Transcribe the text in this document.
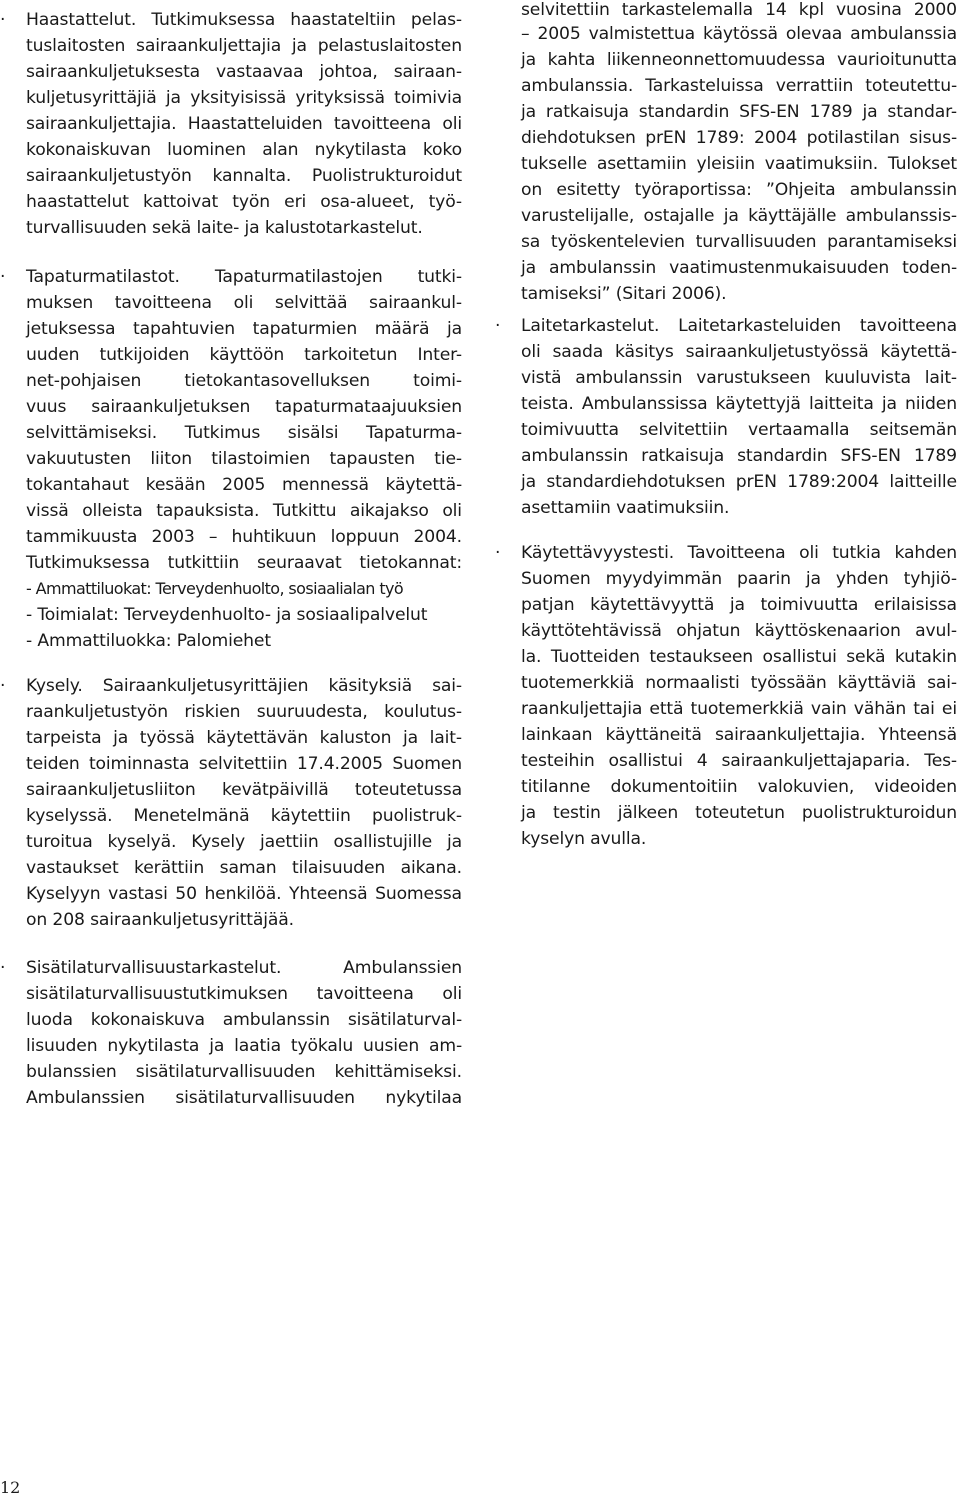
· Haastattelut. Tutkimuksessa haastateltiin pelas-
tuslaitosten sairaankuljettajia ja pelastuslaitosten
sairaankuljetuksesta vastaavaa johtoa, sairaan-
kuljetusyrittäjiä ja yksityisissä yrityksissä toimivia
sairaankuljettajia. Haastatteluiden tavoitteena oli
kokonaiskuvan luominen alan nykytilasta koko
sairaankuljetustyön kannalta. Puolistrukturoidut
haastattelut kattoivat työn eri osa-alueet, työ-
turvallisuuden sekä laite- ja kalustotarkastelut.
· Tapaturmatilastot. Tapaturmatilastojen tutki-
muksen tavoitteena oli selvittää sairaankul-
jetuksessa tapahtuvien tapaturmien määrä ja
uuden tutkijoiden käyttöön tarkoitetun Inter-
net-pohjaisen	tietokantasovelluksen	toimi-
vuus sairaankuljetuksen tapaturmataajuuksien
selvittämiseksi. Tutkimus sisälsi Tapaturma-
vakuutusten liiton tilastoimien tapausten tie-
tokantahaut kesään 2005 mennessä käytettä-
vissä olleista tapauksista. Tutkittu aikajakso oli
tammikuusta 2003 – huhtikuun loppuun 2004.
Tutkimuksessa tutkittiin seuraavat tietokannat:
- Ammattiluokat: Terveydenhuolto, sosiaalialan työ
- Toimialat: Terveydenhuolto- ja sosiaalipalvelut
- Ammattiluokka: Palomiehet
· Kysely. Sairaankuljetusyrittäjien käsityksiä sai-
raankuljetustyön riskien suuruudesta, koulutus-
tarpeista ja työssä käytettävän kaluston ja lait-
teiden toiminnasta selvitettiin 17.4.2005 Suomen
sairaankuljetusliiton kevätpäivillä toteutetussa
kyselyssä. Menetelmänä käytettiin puolistruk-
turoitua kyselyä. Kysely jaettiin osallistujille ja
vastaukset kerättiin saman tilaisuuden aikana.
Kyselyyn vastasi 50 henkilöä. Yhteensä Suomessa
on 208 sairaankuljetusyrittäjää.
· Sisätilaturvallisuustarkastelut.	Ambulanssien
sisätilaturvallisuustutkimuksen tavoitteena oli
luoda kokonaiskuva ambulanssin sisätilaturval-
lisuuden nykytilasta ja laatia työkalu uusien am-
bulanssien sisätilaturvallisuuden kehittämiseksi.
Ambulanssien sisätilaturvallisuuden nykytilaa
selvitettiin tarkastelemalla 14 kpl vuosina 2000
– 2005 valmistettua käytössä olevaa ambulanssia
ja kahta liikenneonnettomuudessa vaurioitunutta
ambulanssia. Tarkasteluissa verrattiin toteutettu-
ja ratkaisuja standardin SFS-EN 1789 ja standar-
diehdotuksen prEN 1789: 2004 potilastilan sisus-
tukselle asettamiin yleisiin vaatimuksiin. Tulokset
on esitetty työraportissa: ”Ohjeita ambulanssin
varustelijalle, ostajalle ja käyttäjälle ambulanssis-
sa työskentelevien turvallisuuden parantamiseksi
ja ambulanssin vaatimustenmukaisuuden toden-
tamiseksi” (Sitari 2006).
· Laitetarkastelut. Laitetarkasteluiden tavoitteena
oli saada käsitys sairaankuljetustyössä käytettä-
vistä ambulanssin varustukseen kuuluvista lait-
teista. Ambulanssissa käytettyjä laitteita ja niiden
toimivuutta selvitettiin vertaamalla seitsemän
ambulanssin ratkaisuja standardin SFS-EN 1789
ja standardiehdotuksen prEN 1789:2004 laitteille
asettamiin vaatimuksiin.
· Käytettävyystesti. Tavoitteena oli tutkia kahden
Suomen myydyimmän paarin ja yhden tyhjiö-
patjan käytettävyyttä ja toimivuutta erilaisissa
käyttötehtävissä ohjatun käyttöskenaarion avul-
la. Tuotteiden testaukseen osallistui sekä kutakin
tuotemerkkiä normaalisti työssään käyttäviä sai-
raankuljettajia että tuotemerkkiä vain vähän tai ei
lainkaan käyttäneitä sairaankuljettajia. Yhteensä
testeihin osallistui 4 sairaankuljettajaparia. Tes-
titilanne dokumentoitiin valokuvien, videoiden
ja testin jälkeen toteutetun puolistrukturoidun
kyselyn avulla.
12
